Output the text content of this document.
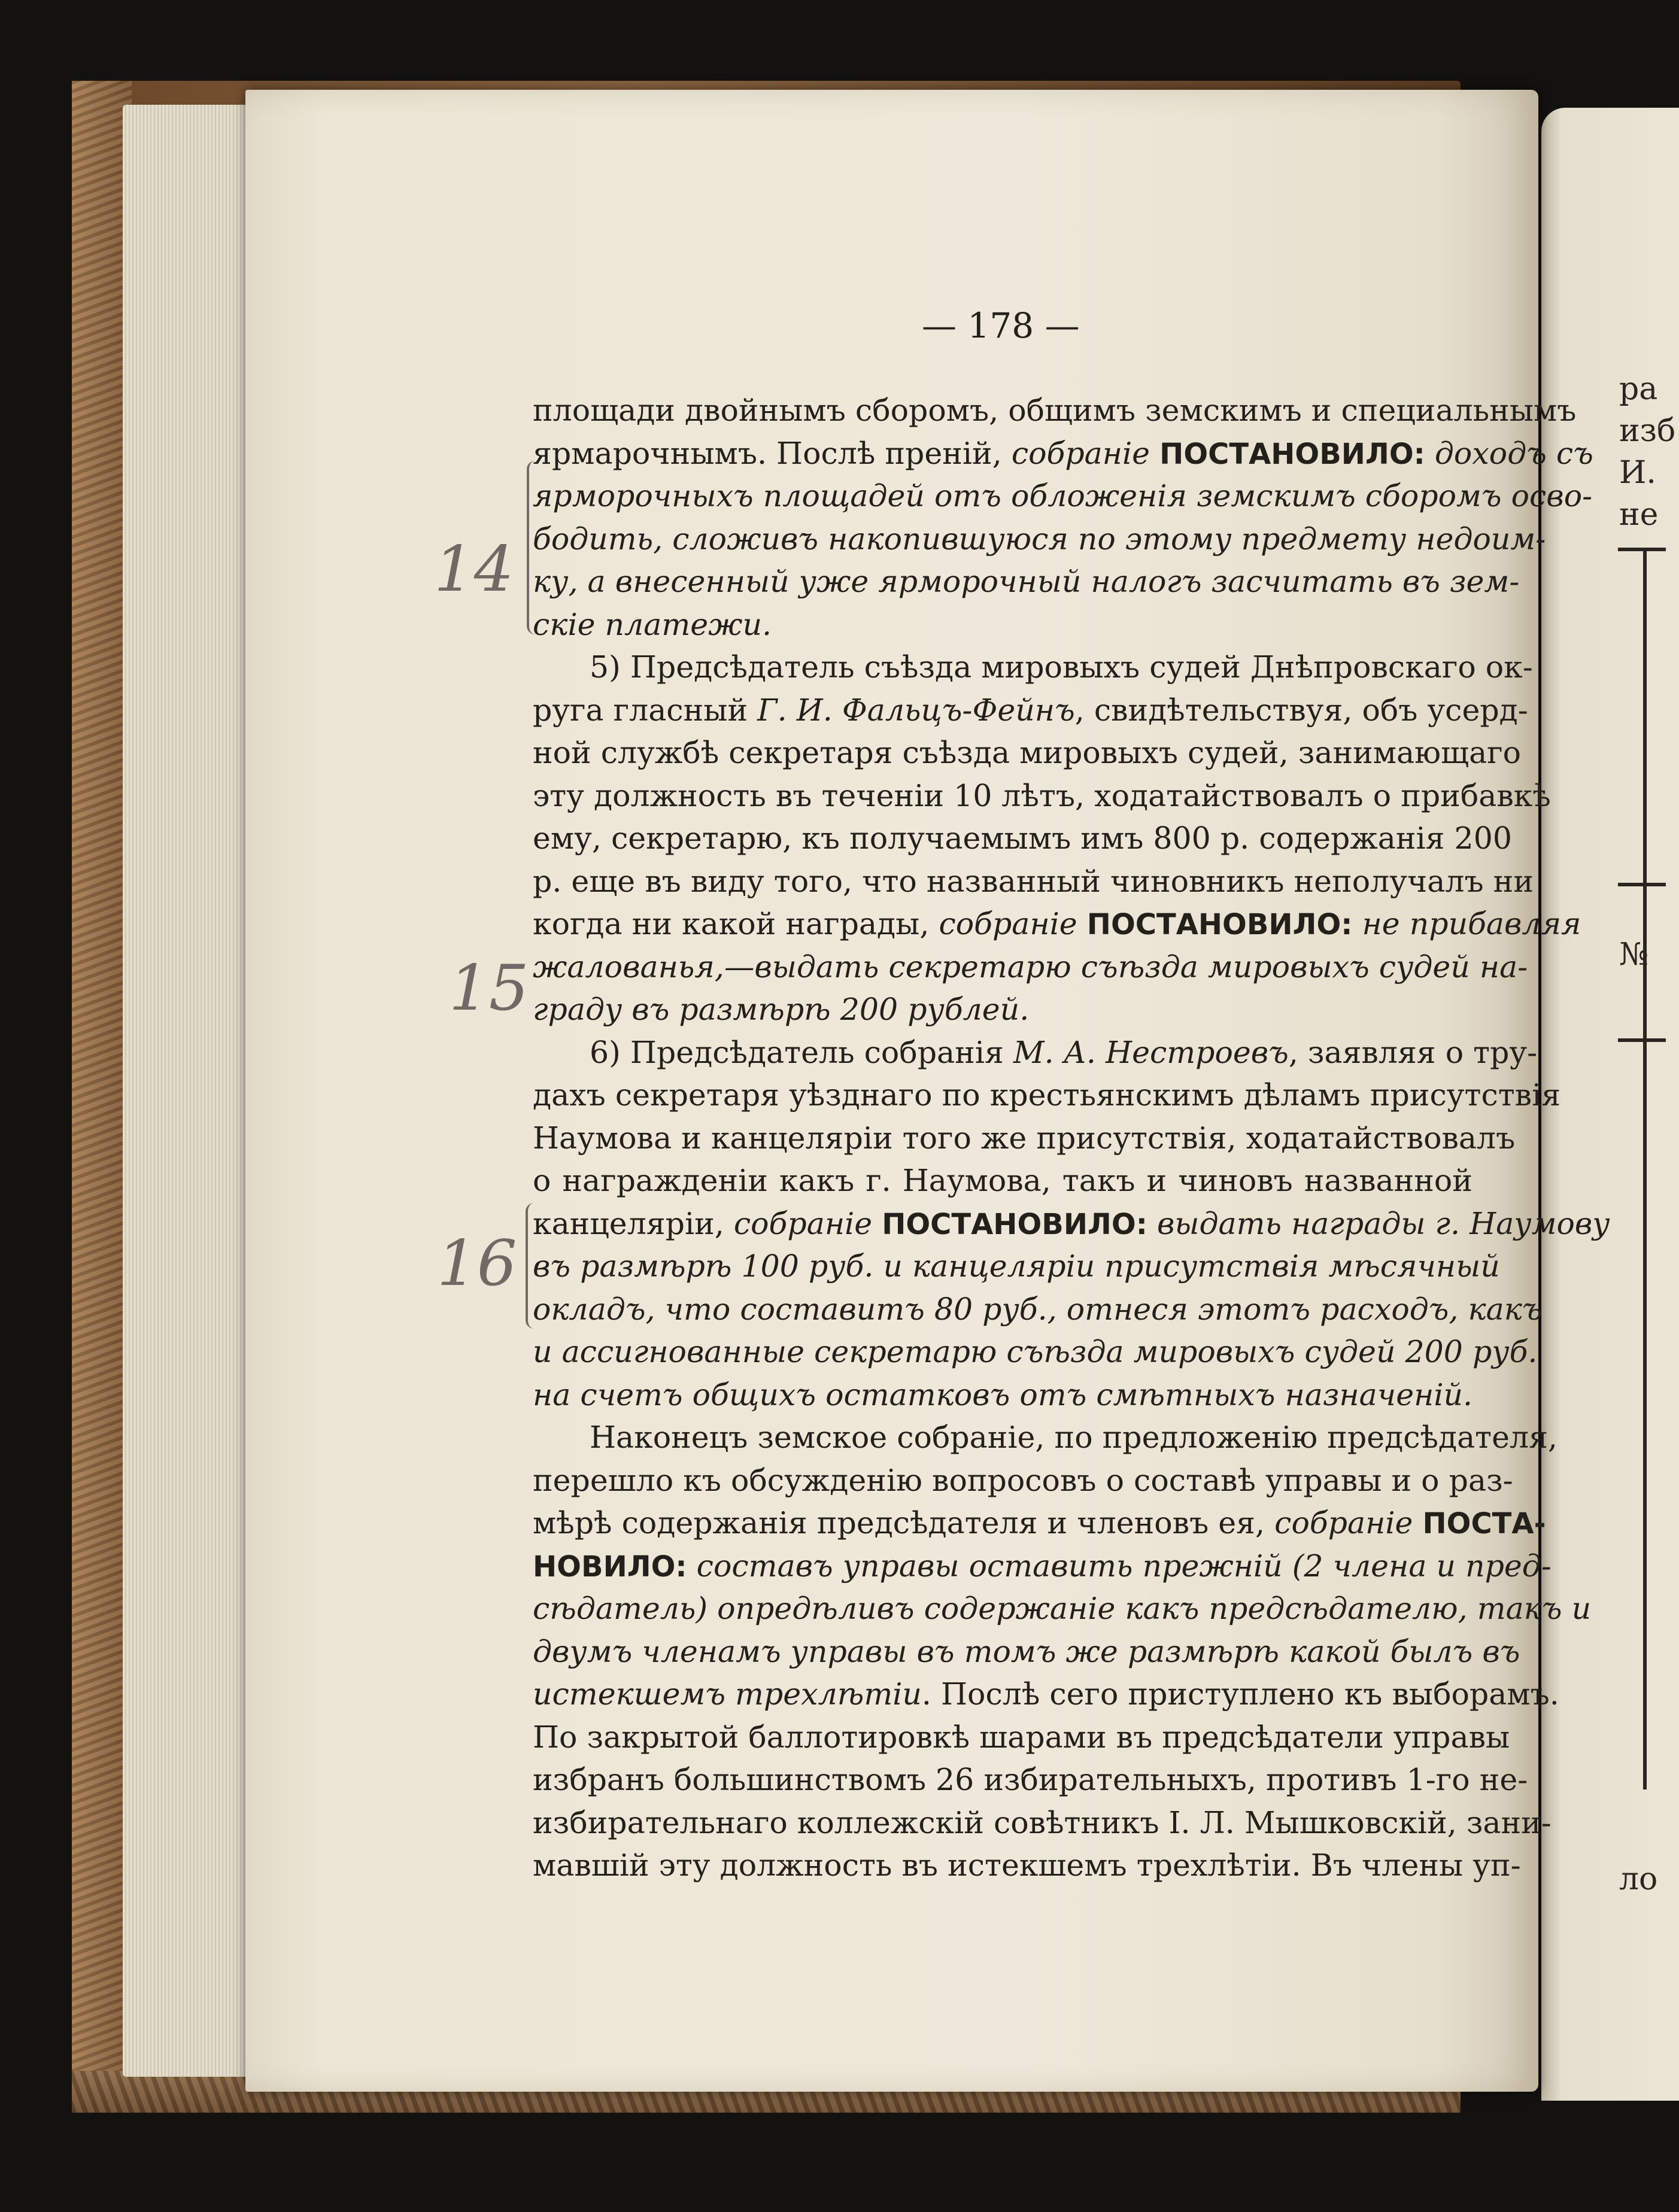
ра
изб
И.
не
№
ло
— 178 —
14
15
16
площади двойнымъ сборомъ, общимъ земскимъ и специальнымъ
ярмарочнымъ. Послѣ преній, собраніе ПОСТАНОВИЛО: доходъ съ
ярморочныхъ площадей отъ обложенія земскимъ сборомъ осво-
бодить, сложивъ накопившуюся по этому предмету недоим-
ку, а внесенный уже ярморочный налогъ засчитать въ зем-
скіе платежи.
5) Предсѣдатель съѣзда мировыхъ судей Днѣпровскаго ок-
руга гласный Г. И. Фальцъ-Фейнъ, свидѣтельствуя, объ усерд-
ной службѣ секретаря съѣзда мировыхъ судей, занимающаго
эту должность въ теченіи 10 лѣтъ, ходатайствовалъ о прибавкѣ
ему, секретарю, къ получаемымъ имъ 800 р. содержанія 200
р. еще въ виду того, что названный чиновникъ неполучалъ ни
когда ни какой награды, собраніе ПОСТАНОВИЛО: не прибавляя
жалованья,—выдать секретарю съѣзда мировыхъ судей на-
граду въ размѣрѣ 200 рублей.
6) Предсѣдатель собранія М. А. Нестроевъ, заявляя о тру-
дахъ секретаря уѣзднаго по крестьянскимъ дѣламъ присутствія
Наумова и канцеляріи того же присутствія, ходатайствовалъ
о награжденіи какъ г. Наумова, такъ и чиновъ названной
канцеляріи, собраніе ПОСТАНОВИЛО: выдать награды г. Наумову
въ размѣрѣ 100 руб. и канцеляріи присутствія мѣсячный
окладъ, что составитъ 80 руб., отнеся этотъ расходъ, какъ
и ассигнованные секретарю съѣзда мировыхъ судей 200 руб.
на счетъ общихъ остатковъ отъ смѣтныхъ назначеній.
Наконецъ земское собраніе, по предложенію предсѣдателя,
перешло къ обсужденію вопросовъ о составѣ управы и о раз-
мѣрѣ содержанія предсѣдателя и членовъ ея, собраніе ПОСТА-
НОВИЛО: составъ управы оставить прежній (2 члена и пред-
сѣдатель) опредѣливъ содержаніе какъ предсѣдателю, такъ и
двумъ членамъ управы въ томъ же размѣрѣ какой былъ въ
истекшемъ трехлѣтіи. Послѣ сего приступлено къ выборамъ.
По закрытой баллотировкѣ шарами въ предсѣдатели управы
избранъ большинствомъ 26 избирательныхъ, противъ 1-го не-
избирательнаго коллежскій совѣтникъ І. Л. Мышковскій, зани-
мавшій эту должность въ истекшемъ трехлѣтіи. Въ члены уп-
